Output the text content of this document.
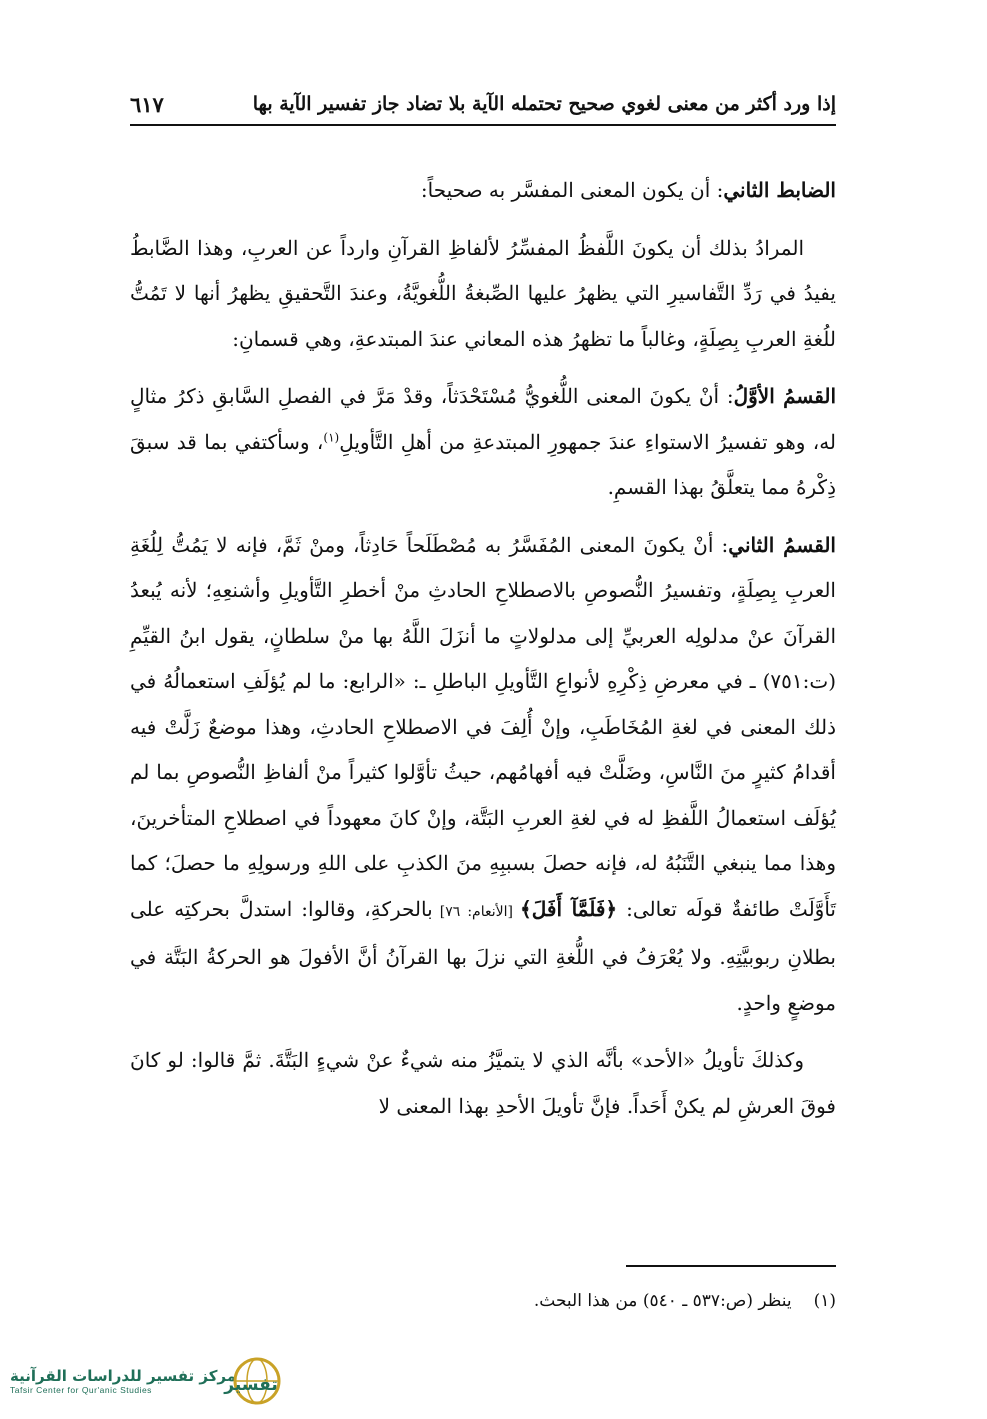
إذا ورد أكثر من معنى لغوي صحيح تحتمله الآية بلا تضاد جاز تفسير الآية بها
٦١٧

الضابط الثاني: أن يكون المعنى المفسَّر به صحيحاً:

المرادُ بذلك أن يكونَ اللَّفظُ المفسِّرُ لألفاظِ القرآنِ وارداً عن العربِ، وهذا الضَّابطُ يفيدُ في رَدِّ التَّفاسيرِ التي يظهرُ عليها الصِّبغةُ اللُّغويَّةُ، وعندَ التَّحقيقِ يظهرُ أنها لا تَمُتُّ للُغةِ العربِ بِصِلَةٍ، وغالباً ما تظهرُ هذه المعاني عندَ المبتدعةِ، وهي قسمانِ:

القسمُ الأوَّلُ: أنْ يكونَ المعنى اللُّغويُّ مُسْتَحْدَثاً، وقدْ مَرَّ في الفصلِ السَّابقِ ذكرُ مثالٍ له، وهو تفسيرُ الاستواءِ عندَ جمهورِ المبتدعةِ من أهلِ التَّأويلِ$^{(١)}$، وسأكتفي بما قد سبقَ ذِكْرهُ مما يتعلَّقُ بهذا القسمِ.

القسمُ الثاني: أنْ يكونَ المعنى المُفَسَّرُ به مُصْطَلَحاً حَادِثاً، ومنْ ثَمَّ، فإنه لا يَمُتُّ لِلُغَةِ العربِ بِصِلَةٍ، وتفسيرُ النُّصوصِ بالاصطلاحِ الحادثِ منْ أخطرِ التَّأويلِ وأشنعِهِ؛ لأنه يُبعدُ القرآنَ عنْ مدلولِه العربيِّ إلى مدلولاتٍ ما أنزَلَ اللَّهُ بها منْ سلطانٍ، يقول ابنُ القيِّمِ (ت:٧٥١) ـ في معرضِ ذِكْرِهِ لأنواعِ التَّأويلِ الباطلِ ـ: «الرابع: ما لم يُؤلَفِ استعمالُهُ في ذلك المعنى في لغةِ المُخَاطَبِ، وإنْ أُلِفَ في الاصطلاحِ الحادثِ، وهذا موضعٌ زَلَّتْ فيه أقدامُ كثيرٍ منَ النَّاسِ، وضَلَّتْ فيه أفهامُهم، حيثُ تأوَّلوا كثيراً منْ ألفاظِ النُّصوصِ بما لم يُؤلَف استعمالُ اللَّفظِ له في لغةِ العربِ البَتَّة، وإنْ كانَ معهوداً في اصطلاحِ المتأخرينَ، وهذا مما ينبغي التَّنَبُهُ له، فإنه حصلَ بسببِهِ منَ الكذبِ على اللهِ ورسولِهِ ما حصلَ؛ كما تَأَوَّلَتْ طائفةٌ قولَه تعالى: ﴿فَلَمَّآ أَفَلَ﴾ [الأنعام: ٧٦] بالحركةِ، وقالوا: استدلَّ بحركتِه على بطلانِ ربوبيَّتِهِ. ولا يُعْرَفُ في اللُّغةِ التي نزلَ بها القرآنُ أنَّ الأفولَ هو الحركةُ البَتَّة في موضعٍ واحدٍ.

وكذلكَ تأويلُ «الأحد» بأنَّه الذي لا يتميَّزُ منه شيءٌ عنْ شيءٍ البَتَّةَ. ثمَّ قالوا: لو كانَ فوقَ العرشِ لم يكنْ أَحَداً. فإنَّ تأويلَ الأحدِ بهذا المعنى لا

(١)
ينظر (ص:٥٣٧ ـ ٥٤٠) من هذا البحث.
مركز تفسير للدراسات القرآنية
Tafsir Center for Qur'anic Studies	تفسير
